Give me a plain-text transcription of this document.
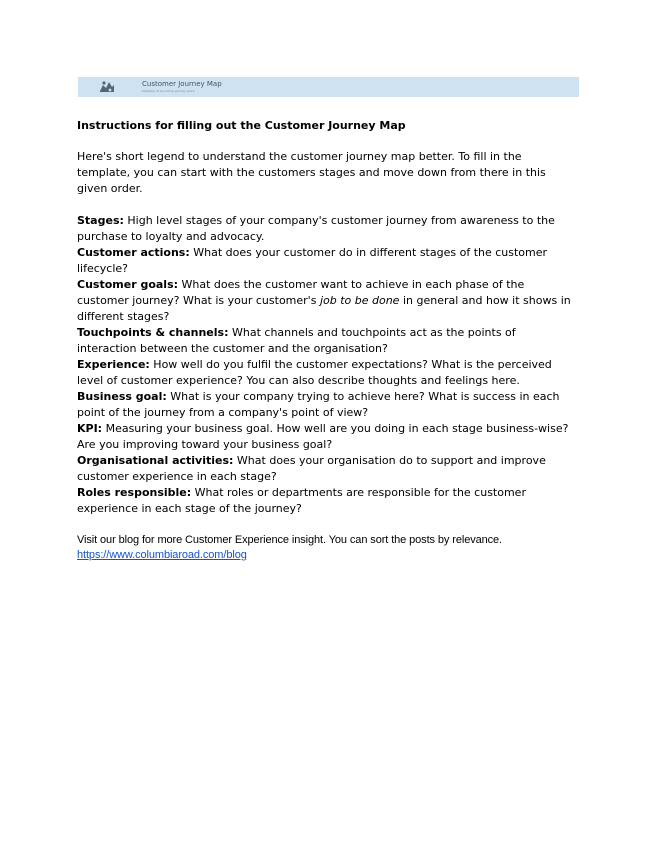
Customer Journey Map
Example of an online grocery store

Instructions for filling out the Customer Journey Map

Here's short legend to understand the customer journey map better. To fill in the template, you can start with the customers stages and move down from there in this given order.

Stages: High level stages of your company's customer journey from awareness to the purchase to loyalty and advocacy.

Customer actions: What does your customer do in different stages of the customer lifecycle?

Customer goals: What does the customer want to achieve in each phase of the customer journey? What is your customer's job to be done in general and how it shows in different stages?

Touchpoints & channels: What channels and touchpoints act as the points of interaction between the customer and the organisation?

Experience: How well do you fulfil the customer expectations? What is the perceived level of customer experience? You can also describe thoughts and feelings here.

Business goal: What is your company trying to achieve here? What is success in each point of the journey from a company's point of view?

KPI: Measuring your business goal. How well are you doing in each stage business-wise? Are you improving toward your business goal?

Organisational activities: What does your organisation do to support and improve customer experience in each stage?

Roles responsible: What roles or departments are responsible for the customer experience in each stage of the journey?

Visit our blog for more Customer Experience insight. You can sort the posts by relevance.
https://www.columbiaroad.com/blog
